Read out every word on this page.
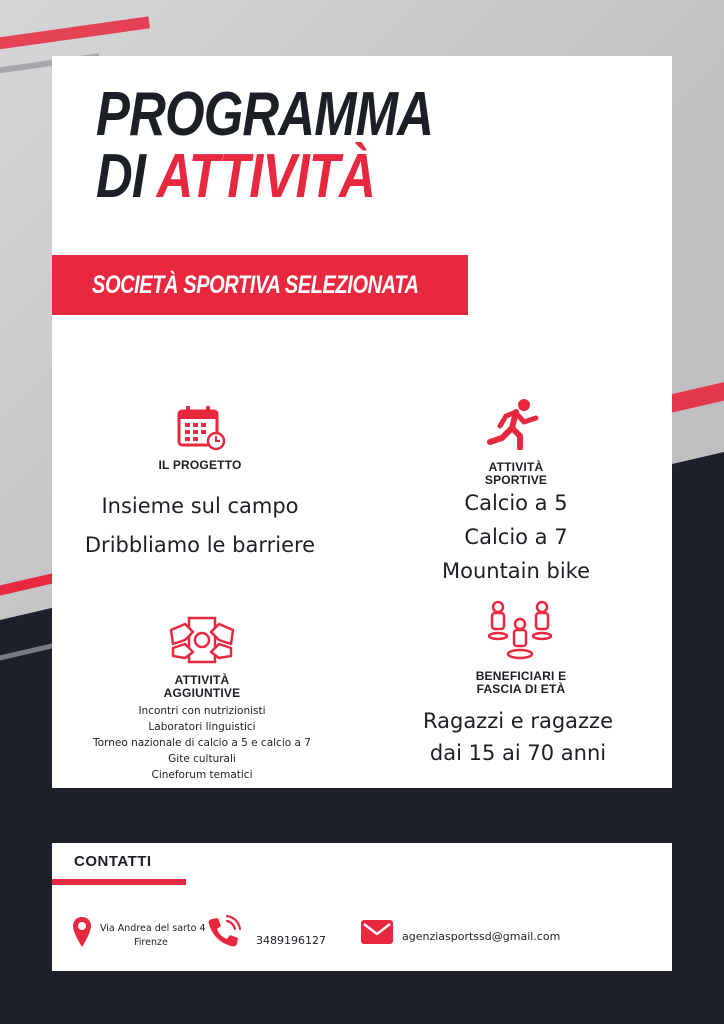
PROGRAMMA
DI ATTIVITÀ
SOCIETÀ SPORTIVA SELEZIONATA
IL PROGETTO
Insieme sul campo
Dribbliamo le barriere
ATTIVITÀ
SPORTIVE
Calcio a 5
Calcio a 7
Mountain bike
ATTIVITÀ
AGGIUNTIVE
Incontri con nutrizionisti
Laboratori linguistici
Torneo nazionale di calcio a 5 e calcio a 7
Gite culturali
Cineforum tematici
BENEFICIARI E
FASCIA DI ETÀ
Ragazzi e ragazze
dai 15 ai 70 anni
CONTATTI
Via Andrea del sarto 4
Firenze	3489196127	agenziasportssd@gmail.com
